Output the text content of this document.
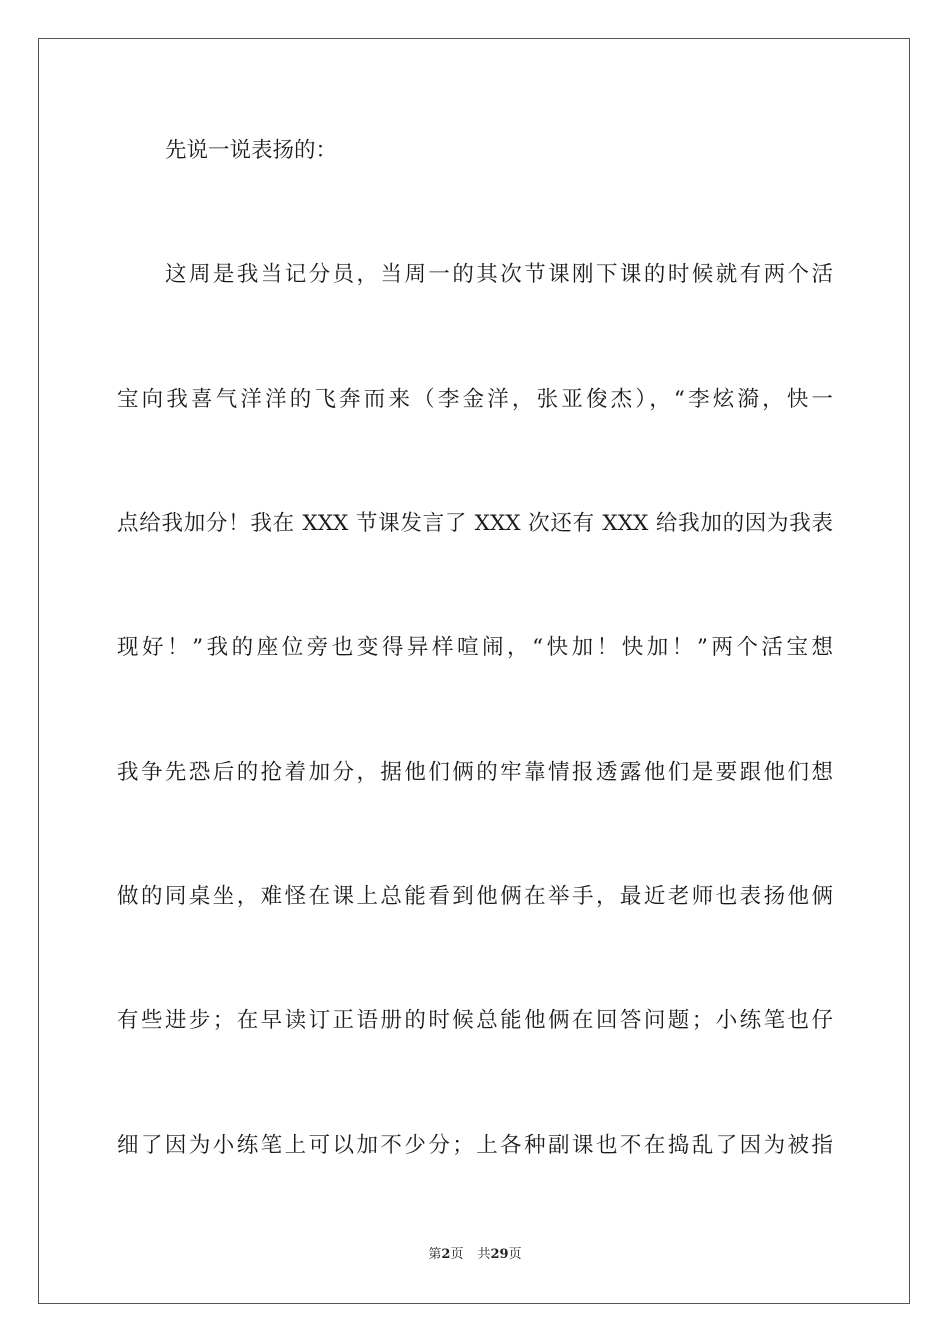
先说一说表扬的：
这周是我当记分员，当周一的其次节课刚下课的时候就有两个活
宝向我喜气洋洋的飞奔而来（李金洋，张亚俊杰），“李炫漪，快一
点给我加分！我在 XXX 节课发言了 XXX 次还有 XXX 给我加的因为我表
现好！”我的座位旁也变得异样喧闹，“快加！快加！”两个活宝想
我争先恐后的抢着加分，据他们俩的牢靠情报透露他们是要跟他们想
做的同桌坐，难怪在课上总能看到他俩在举手，最近老师也表扬他俩
有些进步；在早读订正语册的时候总能他俩在回答问题；小练笔也仔
细了因为小练笔上可以加不少分；上各种副课也不在捣乱了因为被指
第2页 共29页
